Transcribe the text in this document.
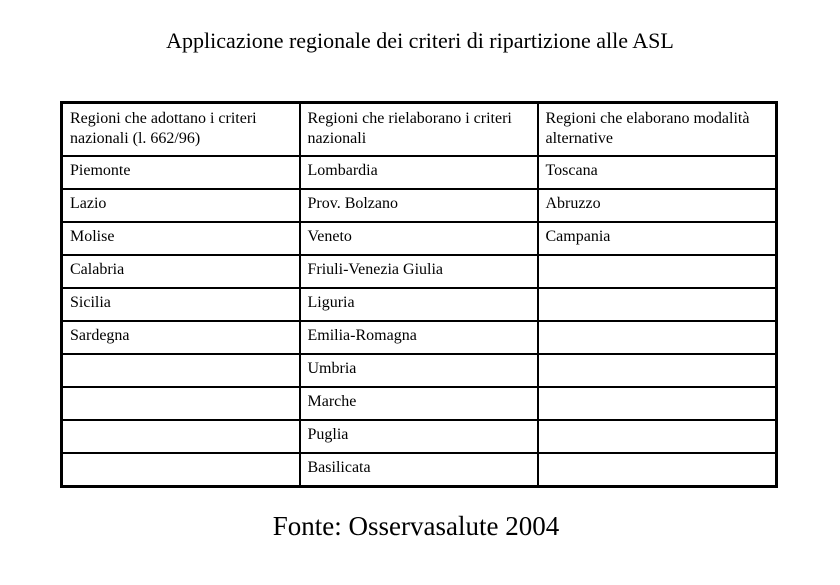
Applicazione regionale dei criteri di ripartizione alle ASL
Regioni che adottano i criteri nazionali (l. 662/96)	Regioni che rielaborano i criteri nazionali	Regioni che elaborano modalità alternative
Piemonte	Lombardia	Toscana
Lazio	Prov. Bolzano	Abruzzo
Molise	Veneto	Campania
Calabria	Friuli-Venezia Giulia	
Sicilia	Liguria	
Sardegna	Emilia-Romagna	
	Umbria	
	Marche	
	Puglia	
	Basilicata	
Fonte: Osservasalute 2004
